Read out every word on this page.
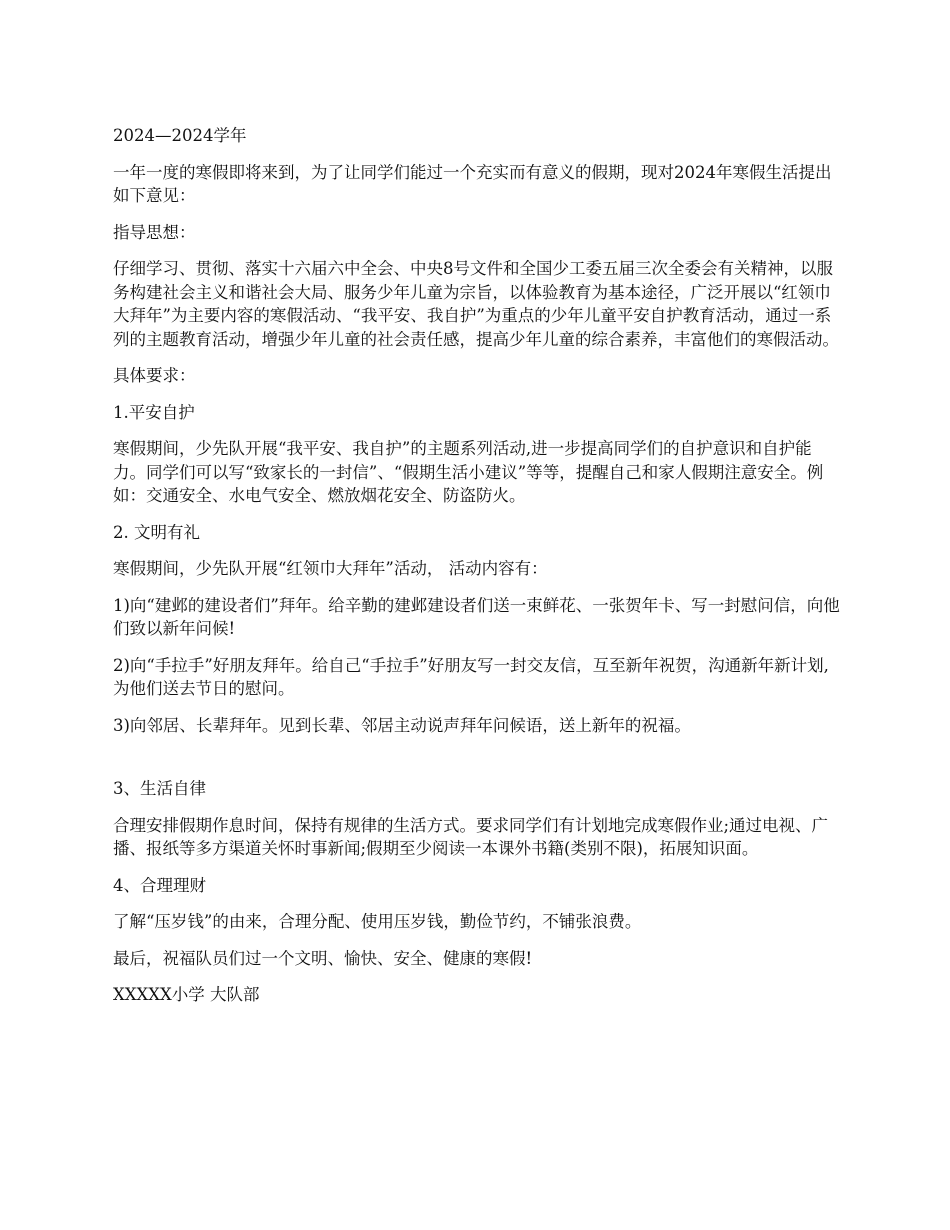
2024—2024学年

一年一度的寒假即将来到，为了让同学们能过一个充实而有意义的假期，现对2024年寒假生活提出如下意见：

指导思想：

仔细学习、贯彻、落实十六届六中全会、中央8号文件和全国少工委五届三次全委会有关精神，以服务构建社会主义和谐社会大局、服务少年儿童为宗旨，以体验教育为基本途径，广泛开展以“红领巾大拜年”为主要内容的寒假活动、“我平安、我自护”为重点的少年儿童平安自护教育活动，通过一系列的主题教育活动，增强少年儿童的社会责任感，提高少年儿童的综合素养，丰富他们的寒假活动。

具体要求：

1.平安自护

寒假期间，少先队开展“我平安、我自护”的主题系列活动,进一步提高同学们的自护意识和自护能力。同学们可以写“致家长的一封信”、“假期生活小建议”等等，提醒自己和家人假期注意安全。例如：交通安全、水电气安全、燃放烟花安全、防盗防火。

2. 文明有礼

寒假期间，少先队开展“红领巾大拜年”活动， 活动内容有：

1)向“建邺的建设者们”拜年。给辛勤的建邺建设者们送一束鲜花、一张贺年卡、写一封慰问信，向他们致以新年问候!

2)向“手拉手”好朋友拜年。给自己“手拉手”好朋友写一封交友信，互至新年祝贺，沟通新年新计划,为他们送去节日的慰问。

3)向邻居、长辈拜年。见到长辈、邻居主动说声拜年问候语，送上新年的祝福。

3、生活自律

合理安排假期作息时间，保持有规律的生活方式。要求同学们有计划地完成寒假作业;通过电视、广播、报纸等多方渠道关怀时事新闻;假期至少阅读一本课外书籍(类别不限)，拓展知识面。

4、合理理财

了解“压岁钱”的由来，合理分配、使用压岁钱，勤俭节约，不铺张浪费。

最后，祝福队员们过一个文明、愉快、安全、健康的寒假!

XXXXX小学 大队部
